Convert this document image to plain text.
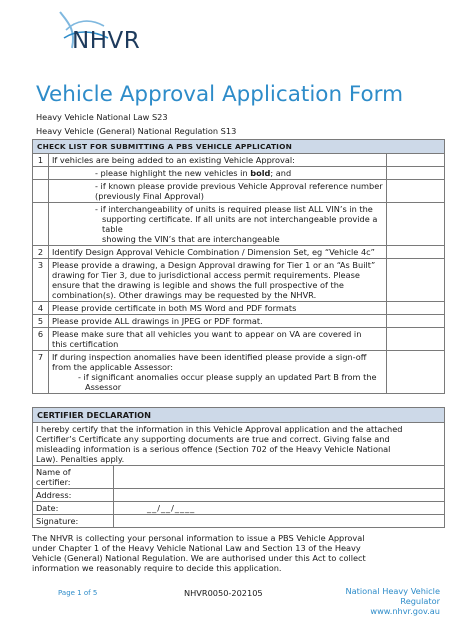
NHVR
Vehicle Approval Application Form
Heavy Vehicle National Law S23
Heavy Vehicle (General) National Regulation S13
CHECK LIST FOR SUBMITTING A PBS VEHICLE APPLICATION		
1	If vehicles are being added to an existing Vehicle Approval:	
	- please highlight the new vehicles in bold; and	

	- if known please provide previous Vehicle Approval reference number
(previously Final Approval)	

	- if interchangeability of units is required please list ALL VIN’s in the
supporting certificate. If all units are not interchangeable provide a table
showing the VIN’s that are interchangeable	

2	Identify Design Approval Vehicle Combination / Dimension Set, eg “Vehicle 4c”	
3	Please provide a drawing, a Design Approval drawing for Tier 1 or an “As Built”
drawing for Tier 3, due to jurisdictional access permit requirements. Please
ensure that the drawing is legible and shows the full prospective of the
combination(s). Other drawings may be requested by the NHVR.	

4	Please provide certificate in both MS Word and PDF formats	
5	Please provide ALL drawings in JPEG or PDF format.	
6	Please make sure that all vehicles you want to appear on VA are covered in
this certification	

7	If during inspection anomalies have been identified please provide a sign-off
from the applicable Assessor:
- if significant anomalies occur please supply an updated Part B from the
Assessor	

CERTIFIER DECLARATION	

I hereby certify that the information in this Vehicle Approval application and the attached
Certifier’s Certificate any supporting documents are true and correct. Giving false and
misleading information is a serious offence (Section 702 of the Heavy Vehicle National
Law). Penalties apply.	

Name of
certifier:	

Address:	
Date:	__/__/____
Signature:	
The NHVR is collecting your personal information to issue a PBS Vehicle Approval
under Chapter 1 of the Heavy Vehicle National Law and Section 13 of the Heavy
Vehicle (General) National Regulation. We are authorised under this Act to collect
information we reasonably require to decide this application.
Page 1 of 5	NHVR0050-202105	National Heavy Vehicle
Regulator
www.nhvr.gov.au
